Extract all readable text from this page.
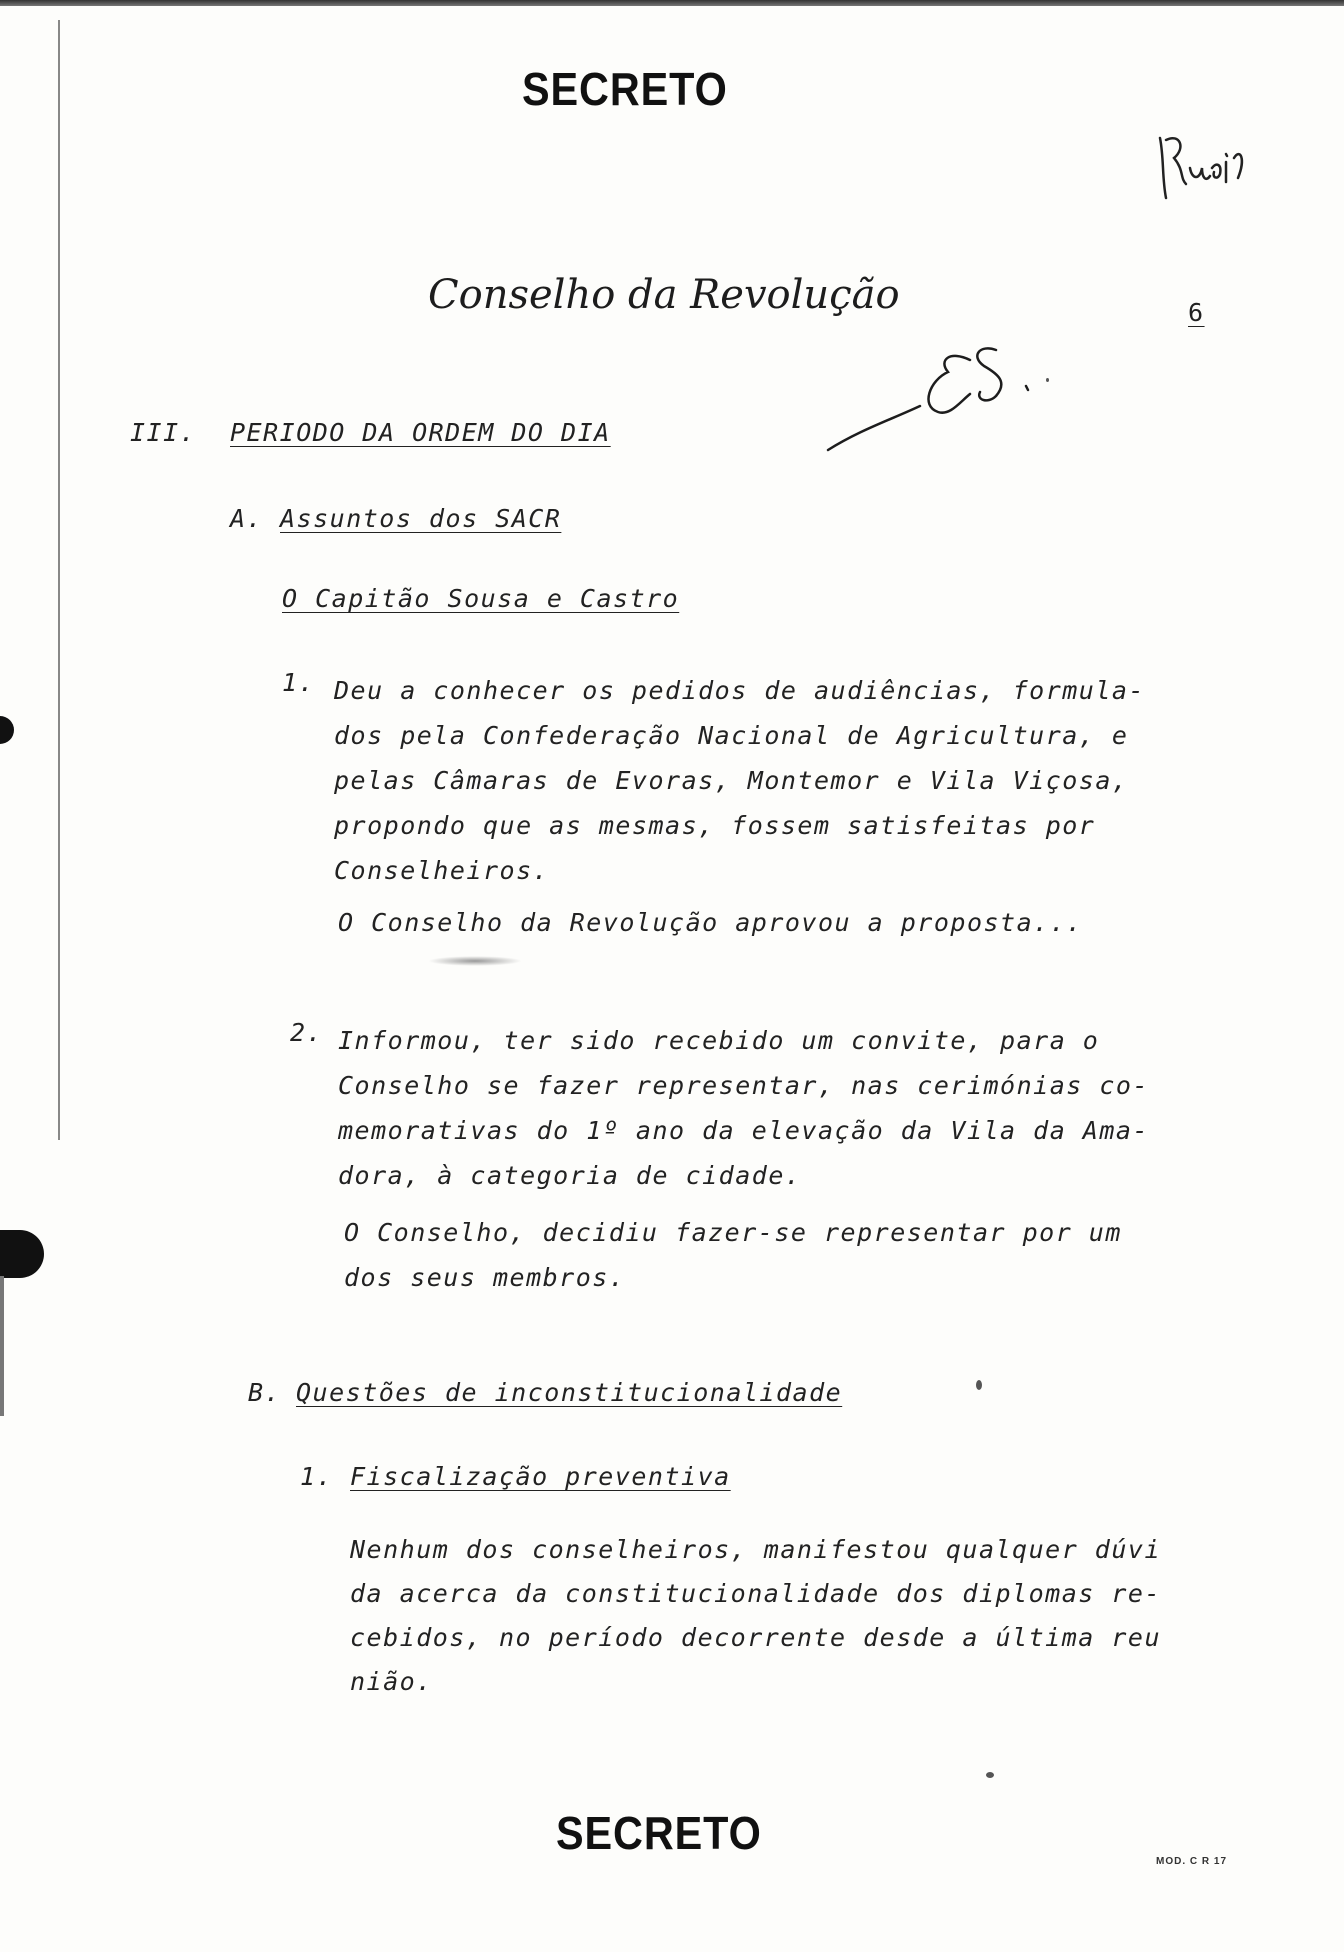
SECRETO
Conselho da Revolução	6
III. PERIODO DA ORDEM DO DIA
A. Assuntos dos SACR
O Capitão Sousa e Castro
1. Deu a conhecer os pedidos de audiências, formula-
dos pela Confederação Nacional de Agricultura, e
pelas Câmaras de Evoras, Montemor e Vila Viçosa,
propondo que as mesmas, fossem satisfeitas por
Conselheiros.
O Conselho da Revolução aprovou a proposta...
2. Informou, ter sido recebido um convite, para o
Conselho se fazer representar, nas cerimónias co-
memorativas do 1º ano da elevação da Vila da Ama-
dora, à categoria de cidade.
O Conselho, decidiu fazer-se representar por um
dos seus membros.
B. Questões de inconstitucionalidade
1. Fiscalização preventiva
Nenhum dos conselheiros, manifestou qualquer dúvi
da acerca da constitucionalidade dos diplomas re-
cebidos, no período decorrente desde a última reu
nião.
SECRETO
MOD. C R 17
